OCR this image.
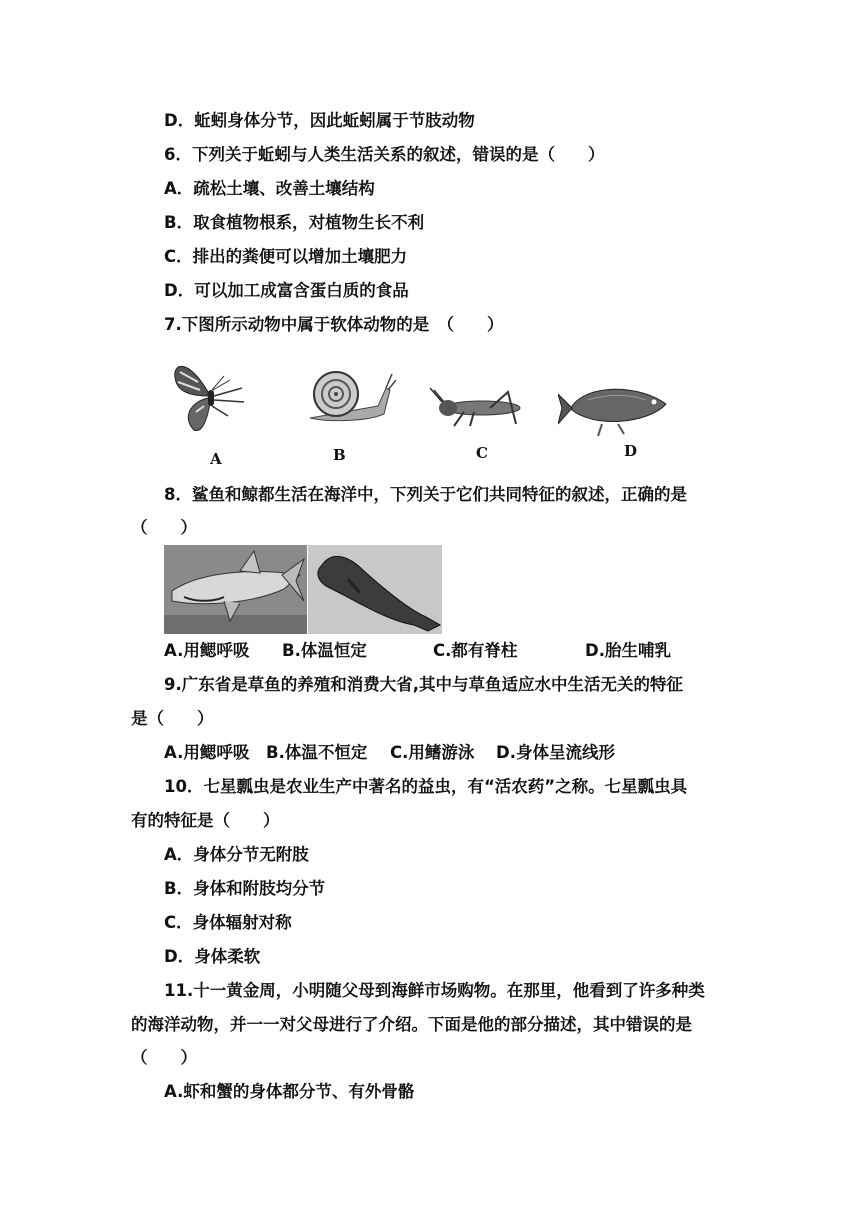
D．蚯蚓身体分节，因此蚯蚓属于节肢动物
6．下列关于蚯蚓与人类生活关系的叙述，错误的是（　　）
A．疏松土壤、改善土壤结构
B．取食植物根系，对植物生长不利
C．排出的粪便可以增加土壤肥力
D．可以加工成富含蛋白质的食品
7.下图所示动物中属于软体动物的是　（　　）
A	B	C	D
8．鲨鱼和鲸都生活在海洋中，下列关于它们共同特征的叙述，正确的是
（　　）
A.用鳃呼吸 B.体温恒定	C.都有脊柱	D.胎生哺乳
9.广东省是草鱼的养殖和消费大省,其中与草鱼适应水中生活无关的特征
是（　　）
A.用鳃呼吸 B.体温不恒定 C.用鳍游泳 D.身体呈流线形
10．七星瓢虫是农业生产中著名的益虫，有“活农药”之称。七星瓢虫具
有的特征是（　　）
A．身体分节无附肢
B．身体和附肢均分节
C．身体辐射对称
D．身体柔软
11.十一黄金周，小明随父母到海鲜市场购物。在那里，他看到了许多种类
的海洋动物，并一一对父母进行了介绍。下面是他的部分描述，其中错误的是
（　　）
A.虾和蟹的身体都分节、有外骨骼
